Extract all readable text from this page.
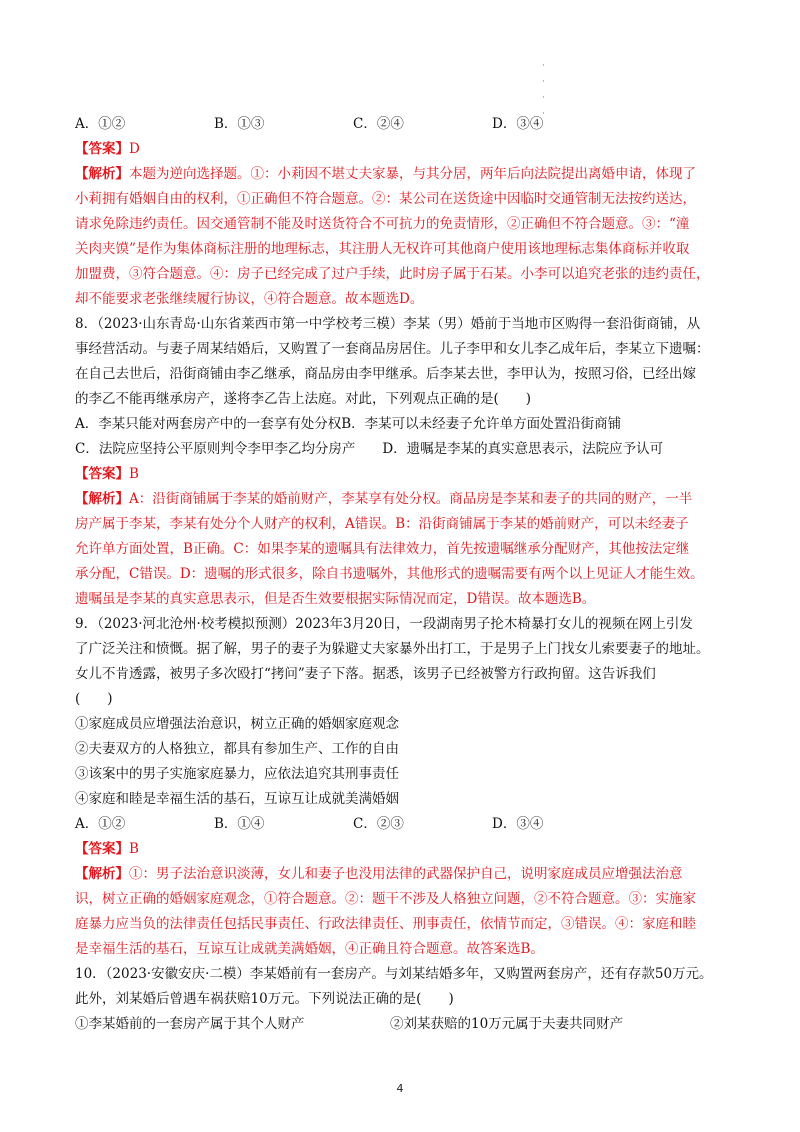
·
·
·
·
A．①②	B．①③	C．②④	D．③④
【答案】D
【解析】本题为逆向选择题。①：小莉因不堪丈夫家暴，与其分居，两年后向法院提出离婚申请，体现了
小莉拥有婚姻自由的权利，①正确但不符合题意。②：某公司在送货途中因临时交通管制无法按约送达，
请求免除违约责任。因交通管制不能及时送货符合不可抗力的免责情形，②正确但不符合题意。③：“潼
关肉夹馍”是作为集体商标注册的地理标志，其注册人无权许可其他商户使用该地理标志集体商标并收取
加盟费，③符合题意。④：房子已经完成了过户手续，此时房子属于石某。小李可以追究老张的违约责任，
却不能要求老张继续履行协议，④符合题意。故本题选D。
8．（2023·山东青岛·山东省莱西市第一中学校考三模）李某（男）婚前于当地市区购得一套沿街商铺，从
事经营活动。与妻子周某结婚后，又购置了一套商品房居住。儿子李甲和女儿李乙成年后，李某立下遗嘱：
在自己去世后，沿街商铺由李乙继承，商品房由李甲继承。后李某去世，李甲认为，按照习俗，已经出嫁
的李乙不能再继承房产，遂将李乙告上法庭。对此，下列观点正确的是(　　)
A．李某只能对两套房产中的一套享有处分权B．李某可以未经妻子允许单方面处置沿街商铺
C．法院应坚持公平原则判令李甲李乙均分房产　　D．遗嘱是李某的真实意思表示，法院应予认可
【答案】B
【解析】A：沿街商铺属于李某的婚前财产，李某享有处分权。商品房是李某和妻子的共同的财产，一半
房产属于李某，李某有处分个人财产的权利，A错误。B：沿街商铺属于李某的婚前财产，可以未经妻子
允许单方面处置，B正确。C：如果李某的遗嘱具有法律效力，首先按遗嘱继承分配财产，其他按法定继
承分配，C错误。D：遗嘱的形式很多，除自书遗嘱外，其他形式的遗嘱需要有两个以上见证人才能生效。
遗嘱虽是李某的真实意思表示，但是否生效要根据实际情况而定，D错误。故本题选B。
9．（2023·河北沧州·校考模拟预测）2023年3月20日，一段湖南男子抡木椅暴打女儿的视频在网上引发
了广泛关注和愤慨。据了解，男子的妻子为躲避丈夫家暴外出打工，于是男子上门找女儿索要妻子的地址。
女儿不肯透露，被男子多次殴打“拷问”妻子下落。据悉，该男子已经被警方行政拘留。这告诉我们
(　　)
①家庭成员应增强法治意识，树立正确的婚姻家庭观念
②夫妻双方的人格独立，都具有参加生产、工作的自由
③该案中的男子实施家庭暴力，应依法追究其刑事责任
④家庭和睦是幸福生活的基石，互谅互让成就美满婚姻
A．①②	B．①④	C．②③	D．③④
【答案】B
【解析】①：男子法治意识淡薄，女儿和妻子也没用法律的武器保护自己，说明家庭成员应增强法治意
识，树立正确的婚姻家庭观念，①符合题意。②：题干不涉及人格独立问题，②不符合题意。③：实施家
庭暴力应当负的法律责任包括民事责任、行政法律责任、刑事责任，依情节而定，③错误。④：家庭和睦
是幸福生活的基石，互谅互让成就美满婚姻，④正确且符合题意。故答案选B。
10．（2023·安徽安庆·二模）李某婚前有一套房产。与刘某结婚多年，又购置两套房产，还有存款50万元。
此外，刘某婚后曾遇车祸获赔10万元。下列说法正确的是(　　)
①李某婚前的一套房产属于其个人财产	②刘某获赔的10万元属于夫妻共同财产
4
